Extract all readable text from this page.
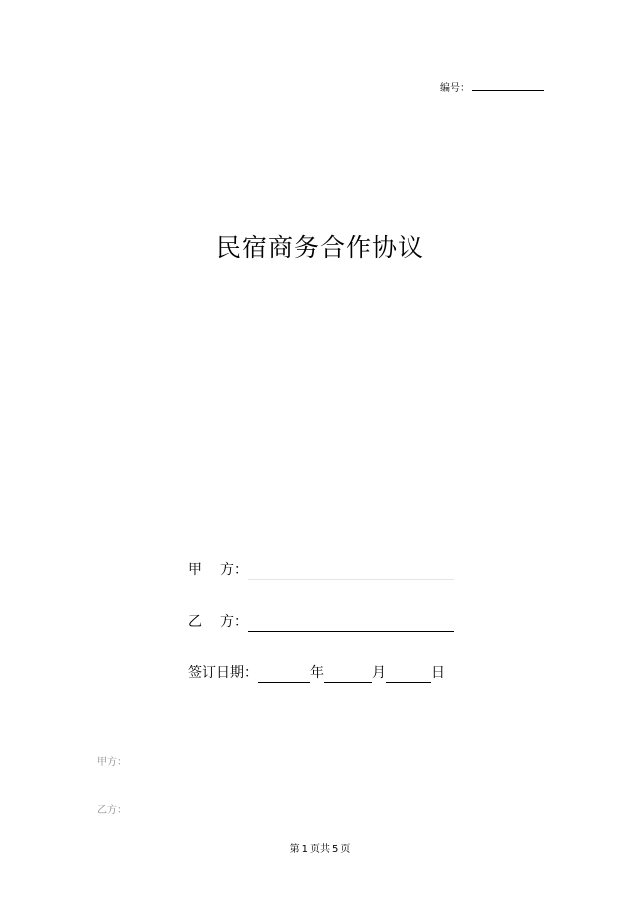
编号：
民宿商务合作协议
甲 方：
乙 方：
签订日期：	年	月	日
甲方：
乙方：
第 1 页共 5 页
